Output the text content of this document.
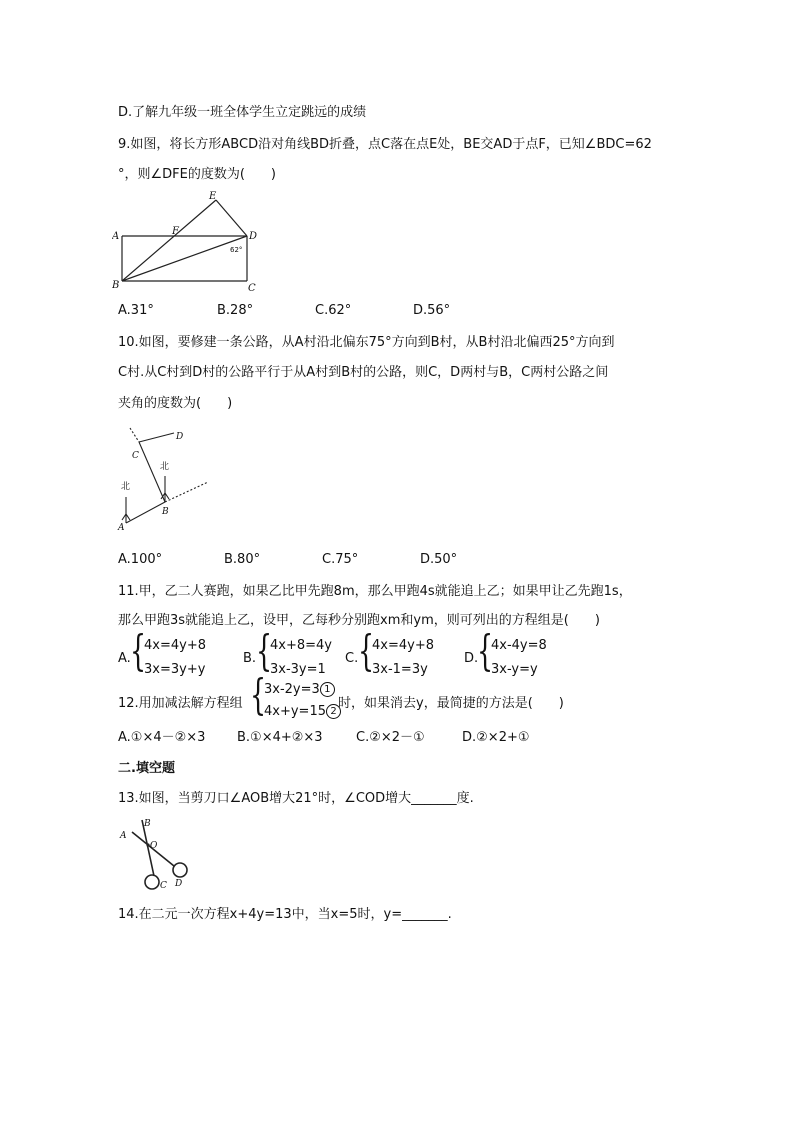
D.了解九年级一班全体学生立定跳远的成绩
9.如图，将长方形ABCD沿对角线BD折叠，点C落在点E处，BE交AD于点F，已知∠BDC=62
°，则∠DFE的度数为(　　)
A
B	C
D
E
F
62°
A.31°	B.28°	C.62°	D.56°
10.如图，要修建一条公路，从A村沿北偏东75°方向到B村，从B村沿北偏西25°方向到
C村.从C村到D村的公路平行于从A村到B村的公路，则C，D两村与B，C两村公路之间
夹角的度数为(　　)
A
B
C
D
北
北
A.100°	B.80°	C.75°	D.50°
11.甲，乙二人赛跑，如果乙比甲先跑8m，那么甲跑4s就能追上乙；如果甲让乙先跑1s，
那么甲跑3s就能追上乙，设甲，乙每秒分别跑xm和ym，则可列出的方程组是(　　)
A. {
4x=4y+8
3x=3y+y
B. {
4x+8=4y
3x-3y=1
C. {
4x=4y+8
3x-1=3y
D.
{
4x-4y=8
3x-y=y
12.用加减法解方程组 {
3x-2y=3 1
4x+y=15 2
时，如果消去y，最简捷的方法是(　　)
A.①×4－②×3 B.①×4+②×3	C.②×2－①	D.②×2+①
二.填空题
13.如图，当剪刀口∠AOB增大21°时，∠COD增大_______度.
A
B
O
C D
14.在二元一次方程x+4y=13中，当x=5时，y=_______.
